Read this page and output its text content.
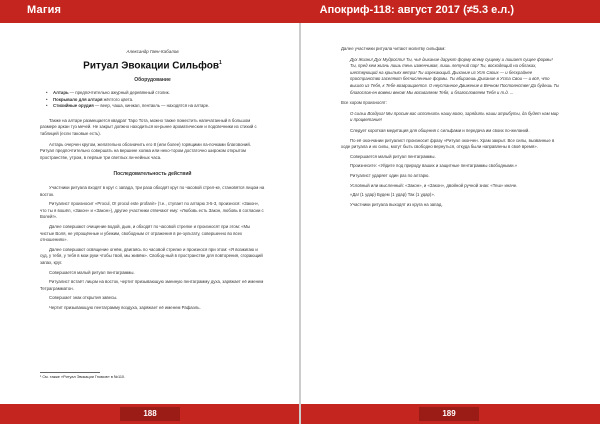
Магия	Апокриф-118: август 2017 (≠5.3 е.л.)
Александр Гвен-Кабалов
Ритуал Эвокации Сильфов$^1$
Оборудование
• Алтарь — предпочтительно ажурный деревянный столик.
• Покрывало для алтаря жёлтого цвета.
• Стихийные орудия — веер, чаша, кинжал, пентакль — находятся на алтаре.

Также на алтаре размещается квадрат Таро Тота, можно также поместить напечатанный в большом размере аркан туз мечей. Не закрыт должно находиться ки-рьнее ароматические и подсвечники из стихий с таблицей (если таковые есть).

Алтарь очерчен кругом, желательно обозначить его 8 (или более) горящими ла-почками благовоний. Ритуал предпочтительно совершать на вершине холма или неко-тором достаточно широком открытом пространстве, утром, в первые три светлых ли-нейных часа.

Последовательность действий

Участники ритуала входят в круг с запада, три раза обходят круг по часовой стрел-ке, становятся лицом на восток.

Ритуалист произносит «Procul, O! procul este profani!» (т.е., ступает по алтарю 3-5-3, произнося: «Закон», что ты я вошёл, «Закон» и «Закон»), другие участники отвечают ему: «Любовь есть Закон, любовь в согласии с Волей!».

Далее совершают очищение водой, дым, и обходят по часовой стрелке и произносят при этом: «Мы чистые Воля, не упрощённые и убежим, свободным от отражения в ре-зультату, совершенно во всех отношениях».

Далее совершают освящение огнём, двигаясь по часовой стрелке и произнося при этом: «Я возжигаю и суд, у тебя, у тебя в мои руки чтобы твой, мы живём». Свобод-ный в пространстве для повторения, сгорающий запах, круг.

Совершается малый ритуал пентаграммы.

Ритуалист встаёт лицом на восток, чертит призывающую змеиную пентаграмму духа, заряжает её именем Тетраграмматон.

Совершает знак открытия завесы.

Чертит призывающую пентаграмму воздуха, заряжает её именем Рафаэль.

¹ См. также «Ритуал Эвокации Гномов» в №110.
188

Далее участники ритуала читают молитву сильфам:

Дух Жизни! Дух Мудрости! Ты, чьё дыхание даруют форму всему сущему и лишает сущее формы! Ты, пред кем жизнь лишь тень изменчивая, лишь летучий пар! Ты, восходящий на облаках, шествующий на крыльях ветра! Ты изрекающий. Дыхание из Уст Своих — и бескрайнее пространство заселяют бесчисленные формы. Ты вбираешь Дыхание в Уста Свои — и всё, что вышло из Тебя, к Тебе возвращается. О неустанное Движение в Вечном Постоянстве! Да будешь Ты благослов-ен вовеки веков! Мы восхваляем Тебя, и благословляем Тебя и т.д. ...

Все хором произносят:

О сильи Воздуха! Мы просим вас исполнить нашу волю, зарядить наши атрибуты, да будет нам мир и процветание!

Следует короткая медитация для общения с сильфами и передача им своих по-желаний.

По её окончании ритуалист произносит фразу «Ритуал окончен. Храм закрыт. Все силы, вызванные в ходе ритуала и их силы, могут быть свободно вернуться, откуда были направлены в своё время».

Совершается малый ритуал пентаграммы.

Произнесите: «Уйдите под природу ваших и защитные пентаграммы свободными.»

Ритуалист ударяет один раз по алтарю.

Условный или мысленный: «Закон», и «Закон», двойной ручной знак: «Теш» иначе.

«Да! (1 удар) Будем (1 удар) Так (1 удар)».

Участники ритуала выходят из круга на запад.

189
